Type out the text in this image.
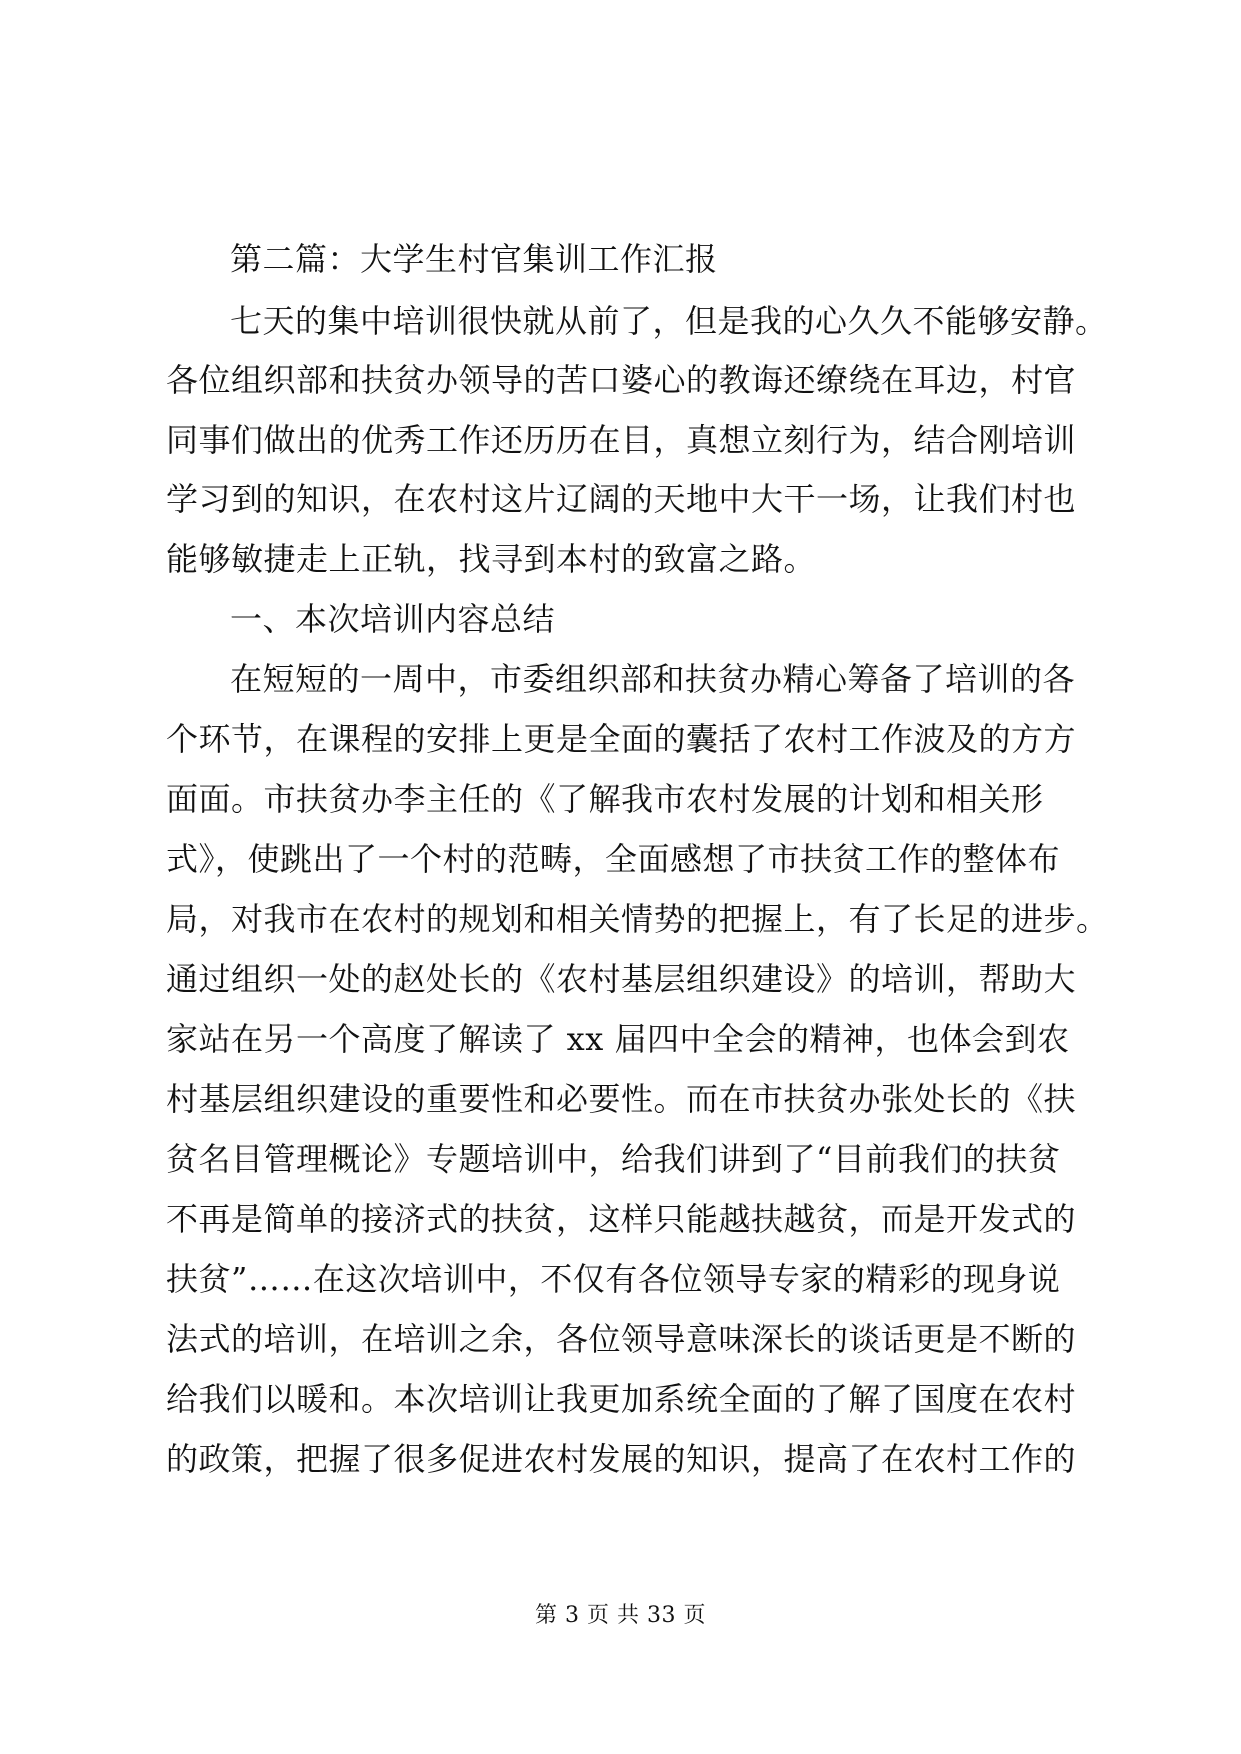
第二篇：大学生村官集训工作汇报
七天的集中培训很快就从前了，但是我的心久久不能够安静。
各位组织部和扶贫办领导的苦口婆心的教诲还缭绕在耳边，村官
同事们做出的优秀工作还历历在目，真想立刻行为，结合刚培训
学习到的知识，在农村这片辽阔的天地中大干一场，让我们村也
能够敏捷走上正轨，找寻到本村的致富之路。
一、本次培训内容总结
在短短的一周中，市委组织部和扶贫办精心筹备了培训的各
个环节，在课程的安排上更是全面的囊括了农村工作波及的方方
面面。市扶贫办李主任的《了解我市农村发展的计划和相关形
式》，使跳出了一个村的范畴，全面感想了市扶贫工作的整体布
局，对我市在农村的规划和相关情势的把握上，有了长足的进步。
通过组织一处的赵处长的《农村基层组织建设》的培训，帮助大
家站在另一个高度了解读了 xx 届四中全会的精神，也体会到农
村基层组织建设的重要性和必要性。而在市扶贫办张处长的《扶
贫名目管理概论》专题培训中，给我们讲到了“目前我们的扶贫
不再是简单的接济式的扶贫，这样只能越扶越贫，而是开发式的
扶贫”……在这次培训中，不仅有各位领导专家的精彩的现身说
法式的培训，在培训之余，各位领导意味深长的谈话更是不断的
给我们以暖和。本次培训让我更加系统全面的了解了国度在农村
的政策，把握了很多促进农村发展的知识，提高了在农村工作的
第 3 页 共 33 页
